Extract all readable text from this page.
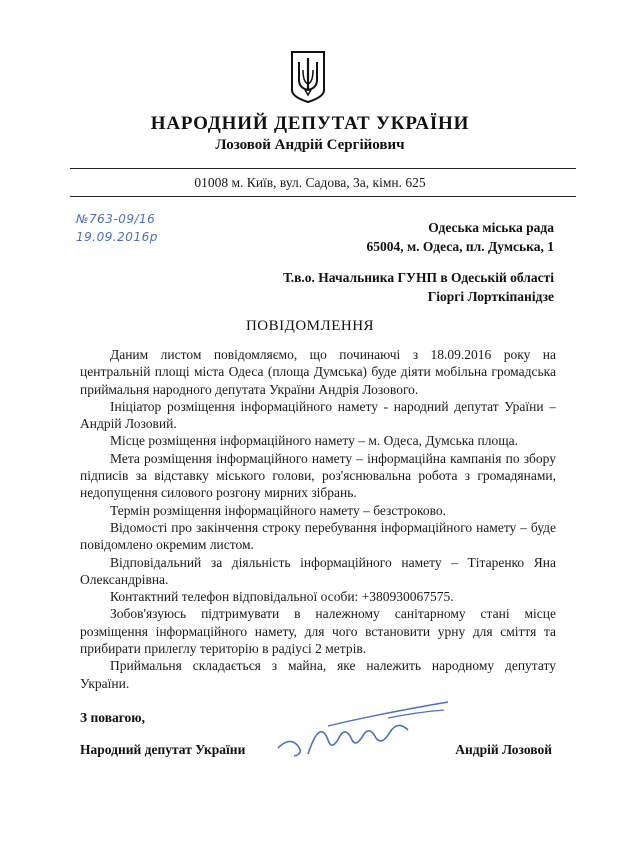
НАРОДНИЙ ДЕПУТАТ УКРАЇНИ
Лозовой Андрій Сергійович
01008 м. Київ, вул. Садова, 3а, кімн. 625
№763-09/16
19.09.2016р
Одеська міська рада
65004, м. Одеса, пл. Думська, 1
Т.в.о. Начальника ГУНП в Одеській області
Гіоргі Лорткіпанідзе
ПОВІДОМЛЕННЯ

Даним листом повідомляємо, що починаючі з 18.09.2016 року на центральній площі міста Одеса (площа Думська) буде діяти мобільна громадська приймальня народного депутата України Андрія Лозового.

Ініціатор розміщення інформаційного намету - народний депутат Ураїни – Андрій Лозовий.

Місце розміщення інформаційного намету – м. Одеса, Думська площа.

Мета розміщення інформаційного намету – інформаційна кампанія по збору підписів за відставку міського голови, роз'яснювальна робота з громадянами, недопущення силового розгону мирних зібрань.

Термін розміщення інформаційного намету – безстроково.

Відомості про закінчення строку перебування інформаційного намету – буде повідомлено окремим листом.

Відповідальний за діяльність інформаційного намету – Тітаренко Яна Олександрівна.

Контактний телефон відповідальної особи: +380930067575.

Зобов'язуюсь підтримувати в належному санітарному стані місце розміщення інформаційного намету, для чого встановити урну для сміття та прибирати прилеглу територію в радіусі 2 метрів.

Приймальня складається з майна, яке належить народному депутату України.

З повагою,
Народний депутат України	Андрій Лозовой
